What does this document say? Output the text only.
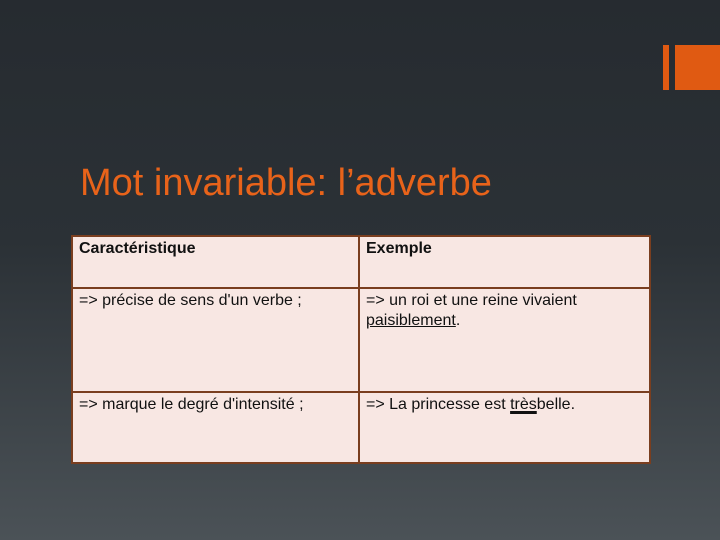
Mot invariable: l’adverbe
Caractéristique	Exemple
=> précise de sens d'un verbe ;	=> un roi et une reine vivaient paisiblement.
=> marque le degré d'intensité ;	=> La princesse est trèsbelle.
